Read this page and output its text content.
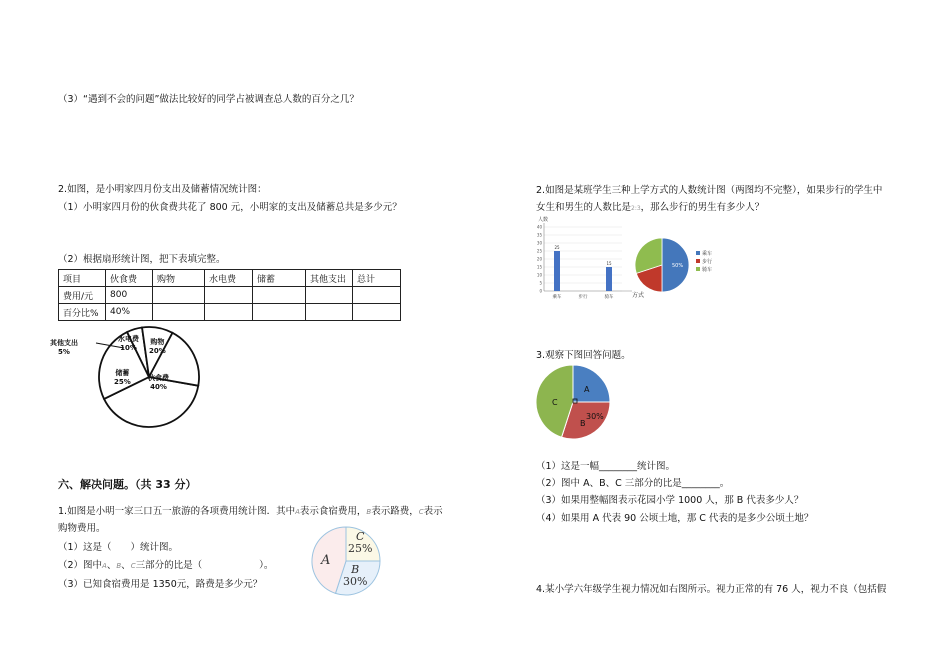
（3）“遇到不会的问题”做法比较好的同学占被调查总人数的百分之几？
2.如图，是小明家四月份支出及储蓄情况统计图：
（1）小明家四月份的伙食费共花了 800 元，小明家的支出及储蓄总共是多少元？
（2）根据扇形统计图，把下表填完整。
项目	伙食费	购物	水电费	储蓄	其他支出	总计
费用/元	800					
百分比%	40%					
其他支出
5%
水电费
10%
购物
20%
储蓄
25% 伙食费
40%
六、解决问题。（共 33 分）
1.如图是小明一家三口五一旅游的各项费用统计图．其中A表示食宿费用，B表示路费，C表示
购物费用。
（1）这是（　　）统计图。
（2）图中A、B、C三部分的比是（　　　　　　）。
（3）已知食宿费用是 1350元，路费是多少元？
A
C
25%
B
30%
2.如图是某班学生三种上学方式的人数统计图（两图均不完整），如果步行的学生中
女生和男生的人数比是2:3，那么步行的男生有多少人？
0
5
10
15
20
25
30
35
40
人数
方式
25
乘车	步行
15
骑车
50%
乘车
步行
骑车
3.观察下图回答问题。
A
C
B
30%
（1）这是一幅________统计图。
（2）图中 A、B、C 三部分的比是________。
（3）如果用整幅图表示花园小学 1000 人，那 B 代表多少人？
（4）如果用 A 代表 90 公顷土地，那 C 代表的是多少公顷土地？
4.某小学六年级学生视力情况如右图所示。视力正常的有 76 人，视力不良（包括假
